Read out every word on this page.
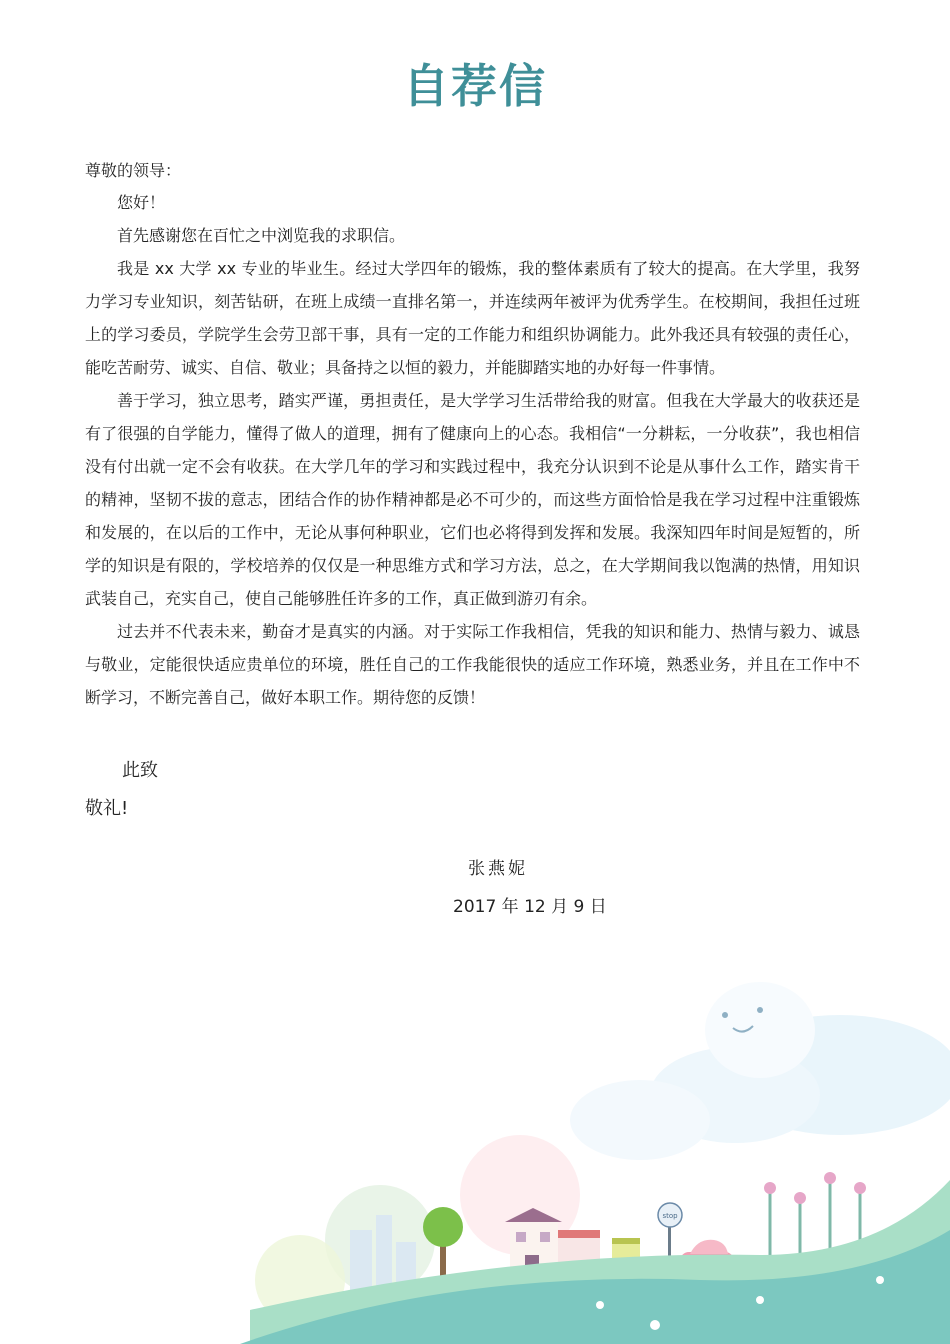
自荐信
尊敬的领导：

您好！

首先感谢您在百忙之中浏览我的求职信。

我是 xx 大学 xx 专业的毕业生。经过大学四年的锻炼，我的整体素质有了较大的提高。在大学里，我努力学习专业知识，刻苦钻研，在班上成绩一直排名第一，并连续两年被评为优秀学生。在校期间，我担任过班上的学习委员，学院学生会劳卫部干事，具有一定的工作能力和组织协调能力。此外我还具有较强的责任心，能吃苦耐劳、诚实、自信、敬业；具备持之以恒的毅力，并能脚踏实地的办好每一件事情。

善于学习，独立思考，踏实严谨，勇担责任，是大学学习生活带给我的财富。但我在大学最大的收获还是有了很强的自学能力，懂得了做人的道理，拥有了健康向上的心态。我相信“一分耕耘，一分收获”，我也相信没有付出就一定不会有收获。在大学几年的学习和实践过程中，我充分认识到不论是从事什么工作，踏实肯干的精神，坚韧不拔的意志，团结合作的协作精神都是必不可少的，而这些方面恰恰是我在学习过程中注重锻炼和发展的，在以后的工作中，无论从事何种职业，它们也必将得到发挥和发展。我深知四年时间是短暂的，所学的知识是有限的，学校培养的仅仅是一种思维方式和学习方法，总之，在大学期间我以饱满的热情，用知识武装自己，充实自己，使自己能够胜任许多的工作，真正做到游刃有余。

过去并不代表未来，勤奋才是真实的内涵。对于实际工作我相信，凭我的知识和能力、热情与毅力、诚恳与敬业，定能很快适应贵单位的环境，胜任自己的工作我能很快的适应工作环境，熟悉业务，并且在工作中不断学习，不断完善自己，做好本职工作。期待您的反馈！

此致
敬礼!
张燕妮
2017 年 12 月 9 日
stop
